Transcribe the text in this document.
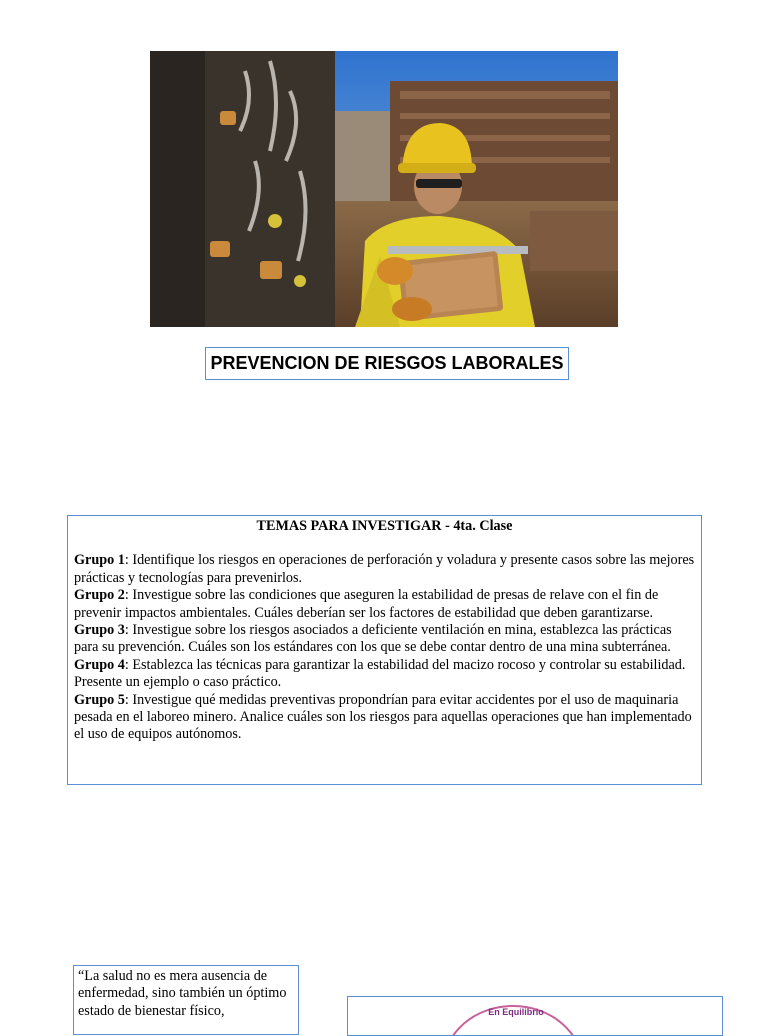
PREVENCION DE RIESGOS LABORALES
TEMAS PARA INVESTIGAR - 4ta. Clase

Grupo 1: Identifique los riesgos en operaciones de perforación y voladura y presente casos sobre las mejores prácticas y tecnologías para prevenirlos.

Grupo 2: Investigue sobre las condiciones que aseguren la estabilidad de presas de relave con el fin de prevenir impactos ambientales. Cuáles deberían ser los factores de estabilidad que deben garantizarse.

Grupo 3: Investigue sobre los riesgos asociados a deficiente ventilación en mina, establezca las prácticas para su prevención. Cuáles son los estándares con los que se debe contar dentro de una mina subterránea.

Grupo 4: Establezca las técnicas para garantizar la estabilidad del macizo rocoso y controlar su estabilidad. Presente un ejemplo o caso práctico.

Grupo 5: Investigue qué medidas preventivas propondrían para evitar accidentes por el uso de maquinaria pesada en el laboreo minero. Analice cuáles son los riesgos para aquellas operaciones que han implementado el uso de equipos autónomos.

“La salud no es mera ausencia de enfermedad, sino también un óptimo estado de bienestar físico,	En Equilibrio
